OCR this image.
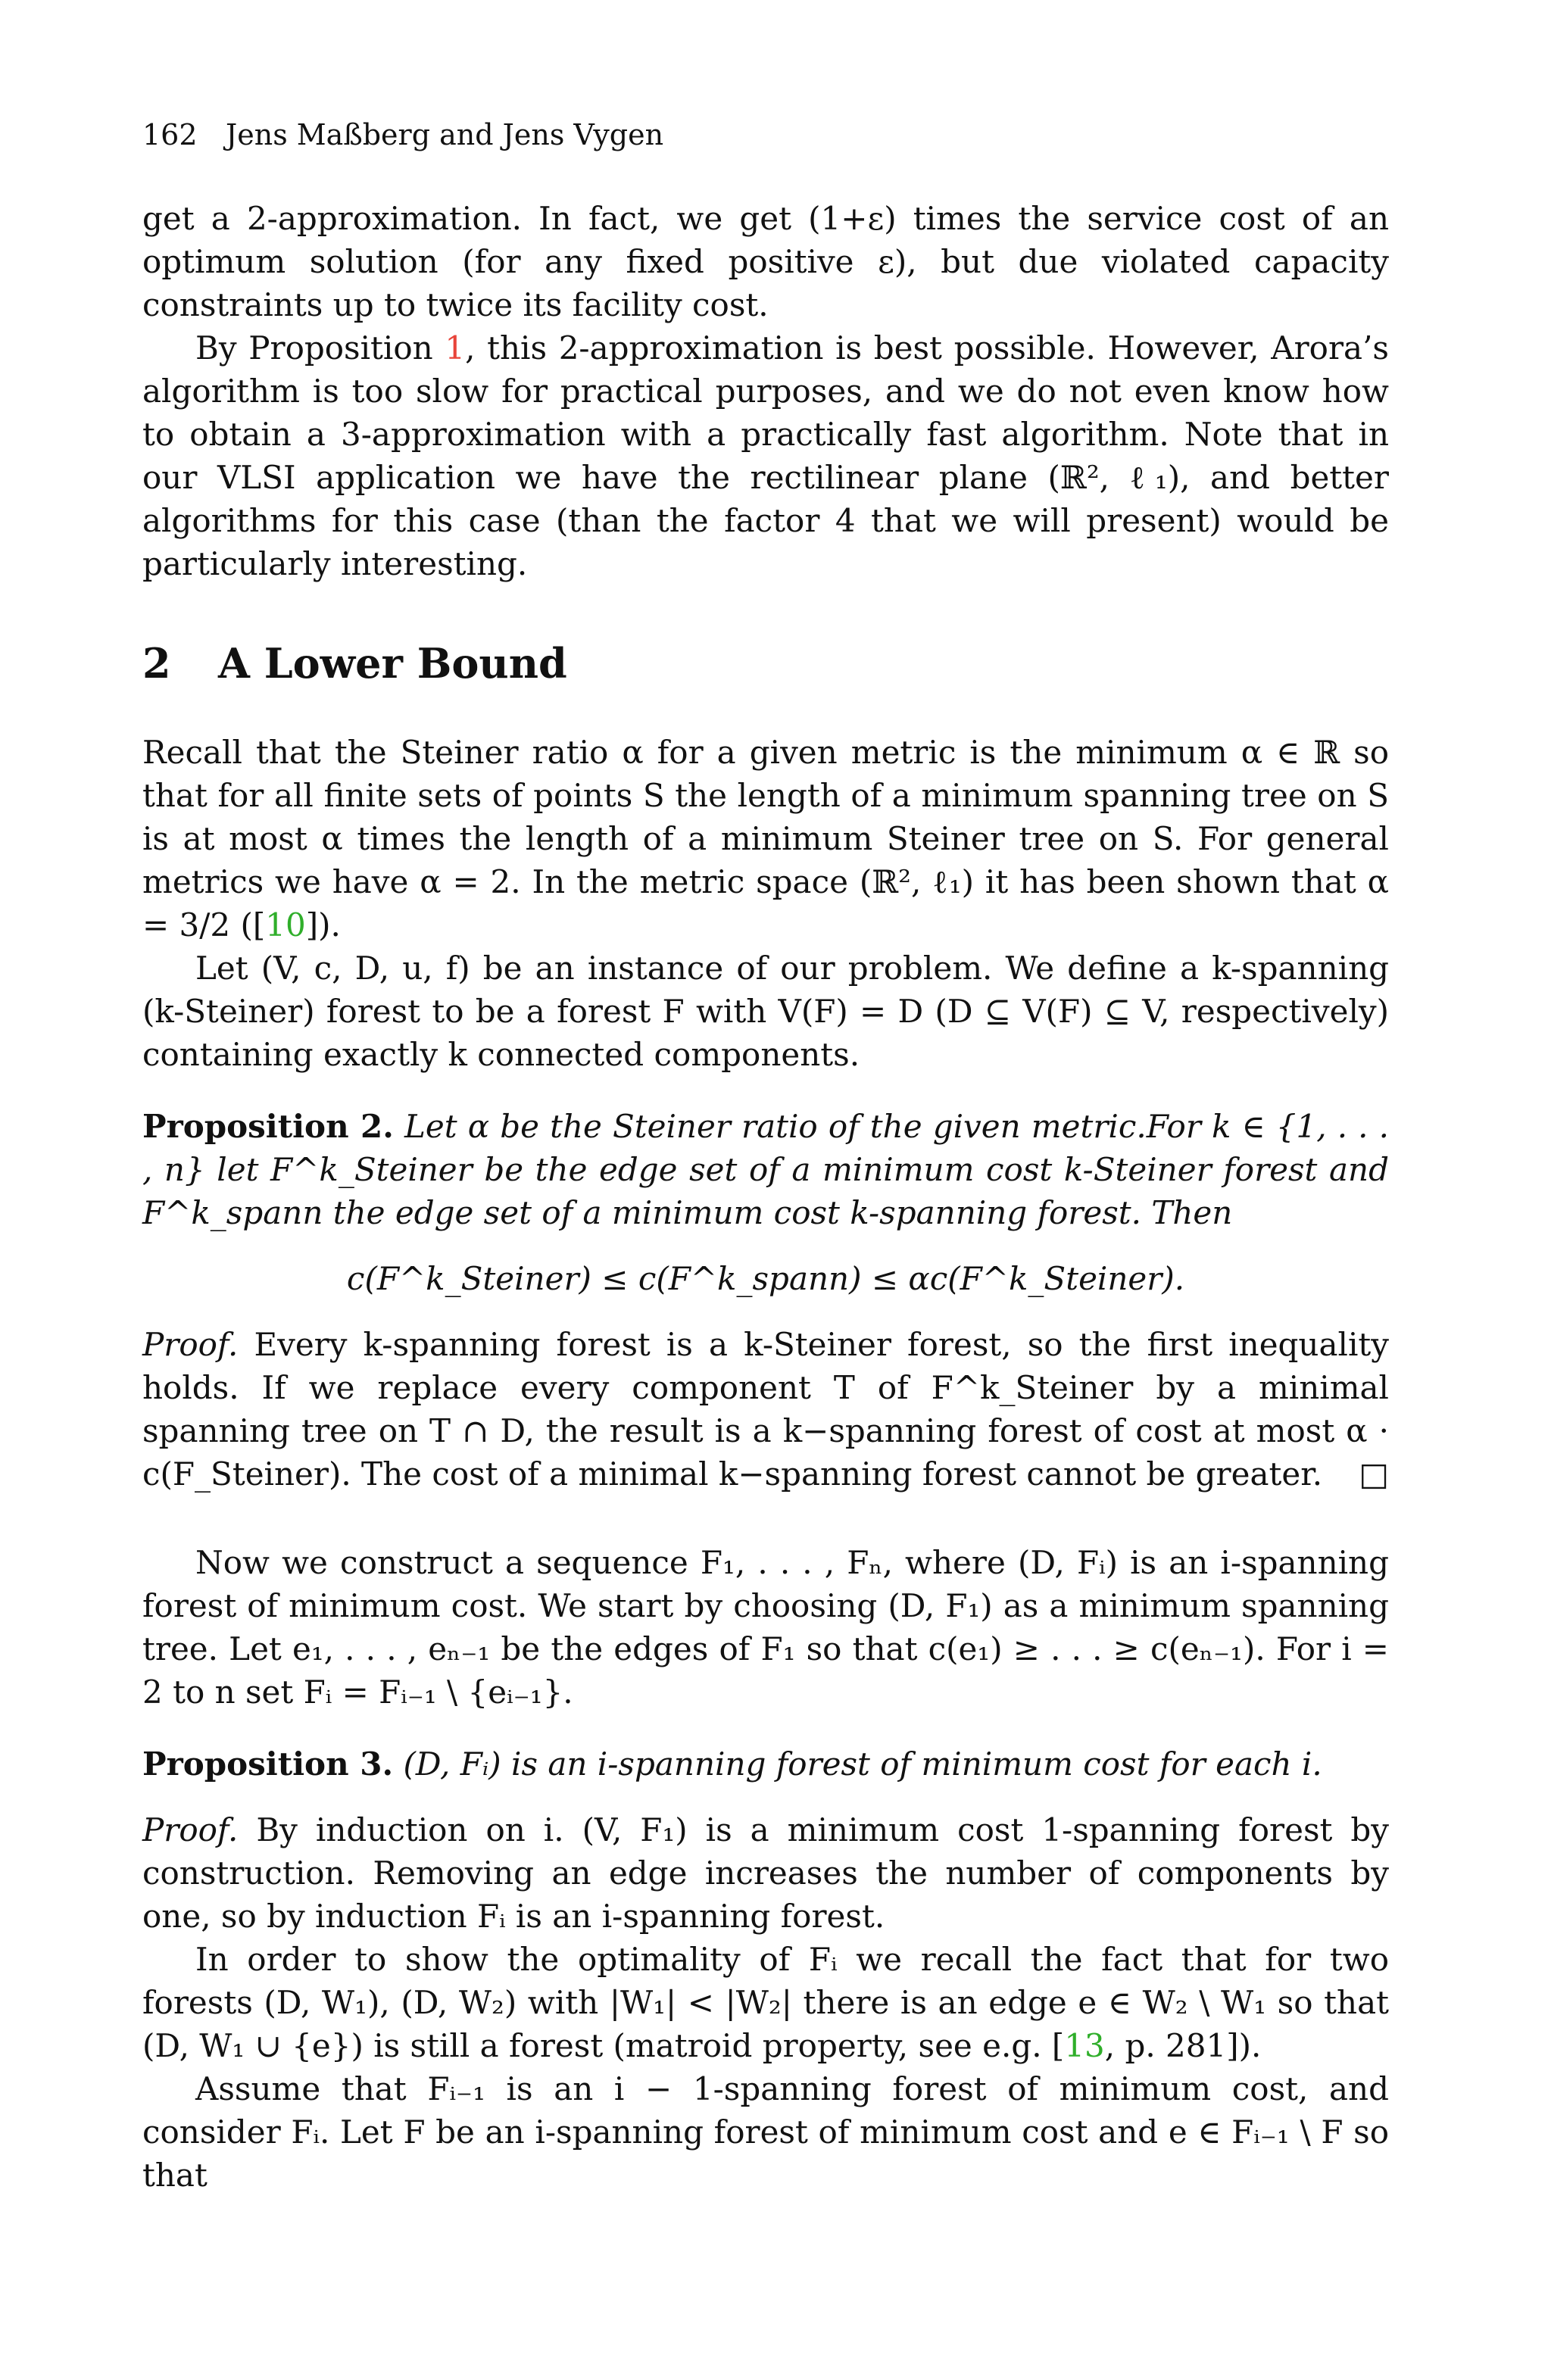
162 Jens Maßberg and Jens Vygen

get a 2-approximation. In fact, we get (1+ε) times the service cost of an optimum solution (for any fixed positive ε), but due violated capacity constraints up to twice its facility cost.

By Proposition 1, this 2-approximation is best possible. However, Arora’s algorithm is too slow for practical purposes, and we do not even know how to obtain a 3-approximation with a practically fast algorithm. Note that in our VLSI application we have the rectilinear plane (ℝ², ℓ₁), and better algorithms for this case (than the factor 4 that we will present) would be particularly interesting.

2 A Lower Bound

Recall that the Steiner ratio α for a given metric is the minimum α ∈ ℝ so that for all finite sets of points S the length of a minimum spanning tree on S is at most α times the length of a minimum Steiner tree on S. For general metrics we have α = 2. In the metric space (ℝ², ℓ₁) it has been shown that α = 3/2 ([10]).

Let (V, c, D, u, f) be an instance of our problem. We define a k-spanning (k-Steiner) forest to be a forest F with V(F) = D (D ⊆ V(F) ⊆ V, respectively) containing exactly k connected components.

Proposition 2. Let α be the Steiner ratio of the given metric.For k ∈ {1, . . . , n} let F^k_Steiner be the edge set of a minimum cost k-Steiner forest and F^k_spann the edge set of a minimum cost k-spanning forest. Then

c(F^k_Steiner) ≤ c(F^k_spann) ≤ αc(F^k_Steiner).

Proof. Every k-spanning forest is a k-Steiner forest, so the first inequality holds. If we replace every component T of F^k_Steiner by a minimal spanning tree on T ∩ D, the result is a k−spanning forest of cost at most α · c(F_Steiner). The cost of a minimal k−spanning forest cannot be greater. □

Now we construct a sequence F₁, . . . , Fₙ, where (D, Fᵢ) is an i-spanning forest of minimum cost. We start by choosing (D, F₁) as a minimum spanning tree. Let e₁, . . . , eₙ₋₁ be the edges of F₁ so that c(e₁) ≥ . . . ≥ c(eₙ₋₁). For i = 2 to n set Fᵢ = Fᵢ₋₁ \ {eᵢ₋₁}.

Proposition 3. (D, Fᵢ) is an i-spanning forest of minimum cost for each i.

Proof. By induction on i. (V, F₁) is a minimum cost 1-spanning forest by construction. Removing an edge increases the number of components by one, so by induction Fᵢ is an i-spanning forest.

In order to show the optimality of Fᵢ we recall the fact that for two forests (D, W₁), (D, W₂) with |W₁| < |W₂| there is an edge e ∈ W₂ \ W₁ so that (D, W₁ ∪ {e}) is still a forest (matroid property, see e.g. [13, p. 281]).

Assume that Fᵢ₋₁ is an i − 1-spanning forest of minimum cost, and consider Fᵢ. Let F be an i-spanning forest of minimum cost and e ∈ Fᵢ₋₁ \ F so that
